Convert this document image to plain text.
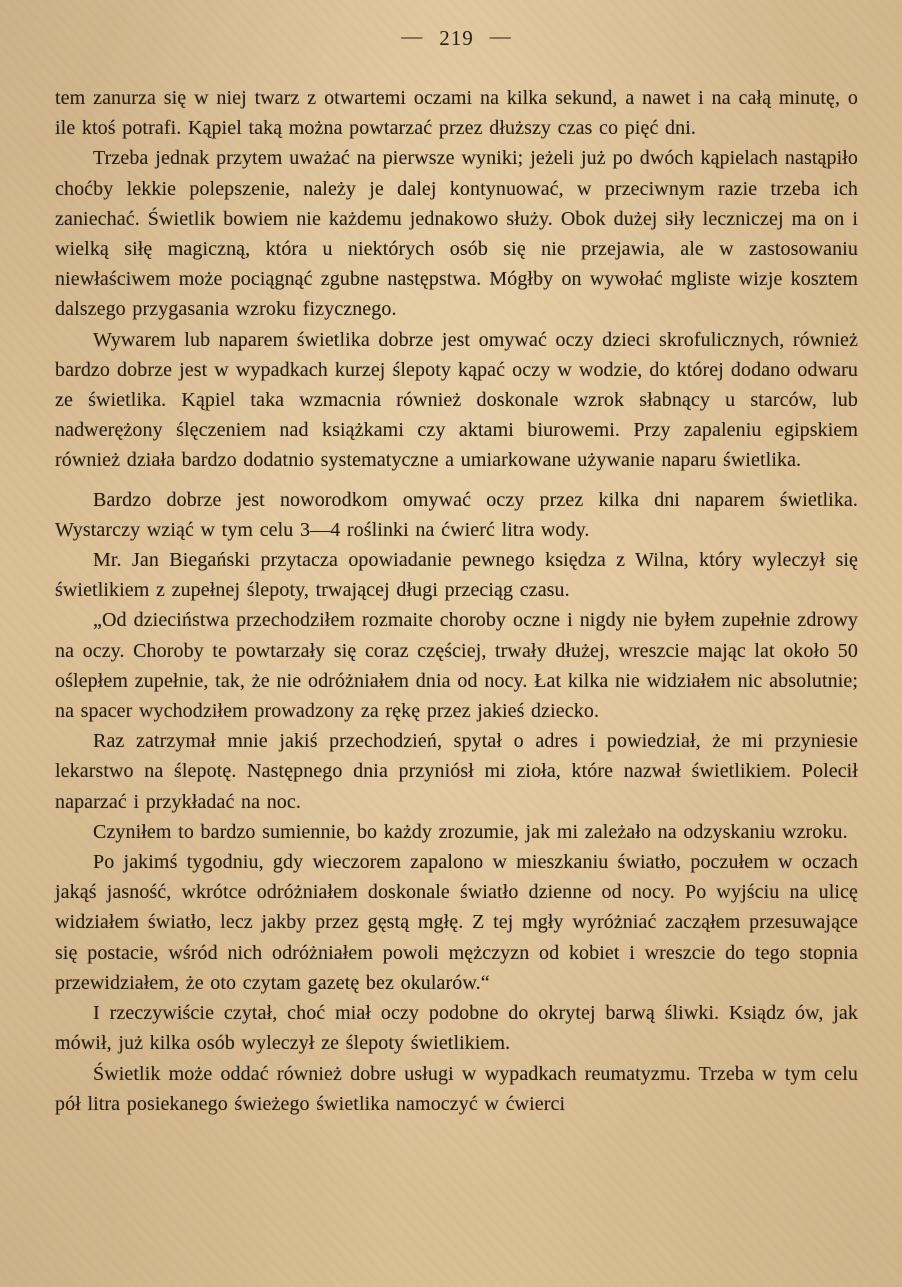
— 219 —

tem zanurza się w niej twarz z otwartemi oczami na kilka sekund, a nawet i na całą minutę, o ile ktoś potrafi. Kąpiel taką można powtarzać przez dłuższy czas co pięć dni.

Trzeba jednak przytem uważać na pierwsze wyniki; jeżeli już po dwóch kąpielach nastąpiło choćby lekkie polepszenie, należy je dalej kontynuować, w przeciwnym razie trzeba ich zaniechać. Świetlik bowiem nie każdemu jednakowo służy. Obok dużej siły leczniczej ma on i wielką siłę magiczną, która u niektórych osób się nie przejawia, ale w zastosowaniu niewłaściwem może pociągnąć zgubne następstwa. Mógłby on wywołać mgliste wizje kosztem dalszego przygasania wzroku fizycznego.

Wywarem lub naparem świetlika dobrze jest omywać oczy dzieci skrofulicznych, również bardzo dobrze jest w wypadkach kurzej ślepoty kąpać oczy w wodzie, do której dodano odwaru ze świetlika. Kąpiel taka wzmacnia również doskonale wzrok słabnący u starców, lub nadwerężony ślęczeniem nad książkami czy aktami biurowemi. Przy zapaleniu egipskiem również działa bardzo dodatnio systematyczne a umiarkowane używanie naparu świetlika.

Bardzo dobrze jest noworodkom omywać oczy przez kilka dni naparem świetlika. Wystarczy wziąć w tym celu 3—4 roślinki na ćwierć litra wody.

Mr. Jan Biegański przytacza opowiadanie pewnego księdza z Wilna, który wyleczył się świetlikiem z zupełnej ślepoty, trwającej długi przeciąg czasu.

„Od dzieciństwa przechodziłem rozmaite choroby oczne i nigdy nie byłem zupełnie zdrowy na oczy. Choroby te powtarzały się coraz częściej, trwały dłużej, wreszcie mając lat około 50 oślepłem zupełnie, tak, że nie odróżniałem dnia od nocy. Łat kilka nie widziałem nic absolutnie; na spacer wychodziłem prowadzony za rękę przez jakieś dziecko.

Raz zatrzymał mnie jakiś przechodzień, spytał o adres i powiedział, że mi przyniesie lekarstwo na ślepotę. Następnego dnia przyniósł mi zioła, które nazwał świetlikiem. Polecił naparzać i przykładać na noc.

Czyniłem to bardzo sumiennie, bo każdy zrozumie, jak mi zależało na odzyskaniu wzroku.

Po jakimś tygodniu, gdy wieczorem zapalono w mieszkaniu światło, poczułem w oczach jakąś jasność, wkrótce odróżniałem doskonale światło dzienne od nocy. Po wyjściu na ulicę widziałem światło, lecz jakby przez gęstą mgłę. Z tej mgły wyróżniać zacząłem przesuwające się postacie, wśród nich odróżniałem powoli mężczyzn od kobiet i wreszcie do tego stopnia przewidziałem, że oto czytam gazetę bez okularów.“

I rzeczywiście czytał, choć miał oczy podobne do okrytej barwą śliwki. Ksiądz ów, jak mówił, już kilka osób wyleczył ze ślepoty świetlikiem.

Świetlik może oddać również dobre usługi w wypadkach reumatyzmu. Trzeba w tym celu pół litra posiekanego świeżego świetlika namoczyć w ćwierci
